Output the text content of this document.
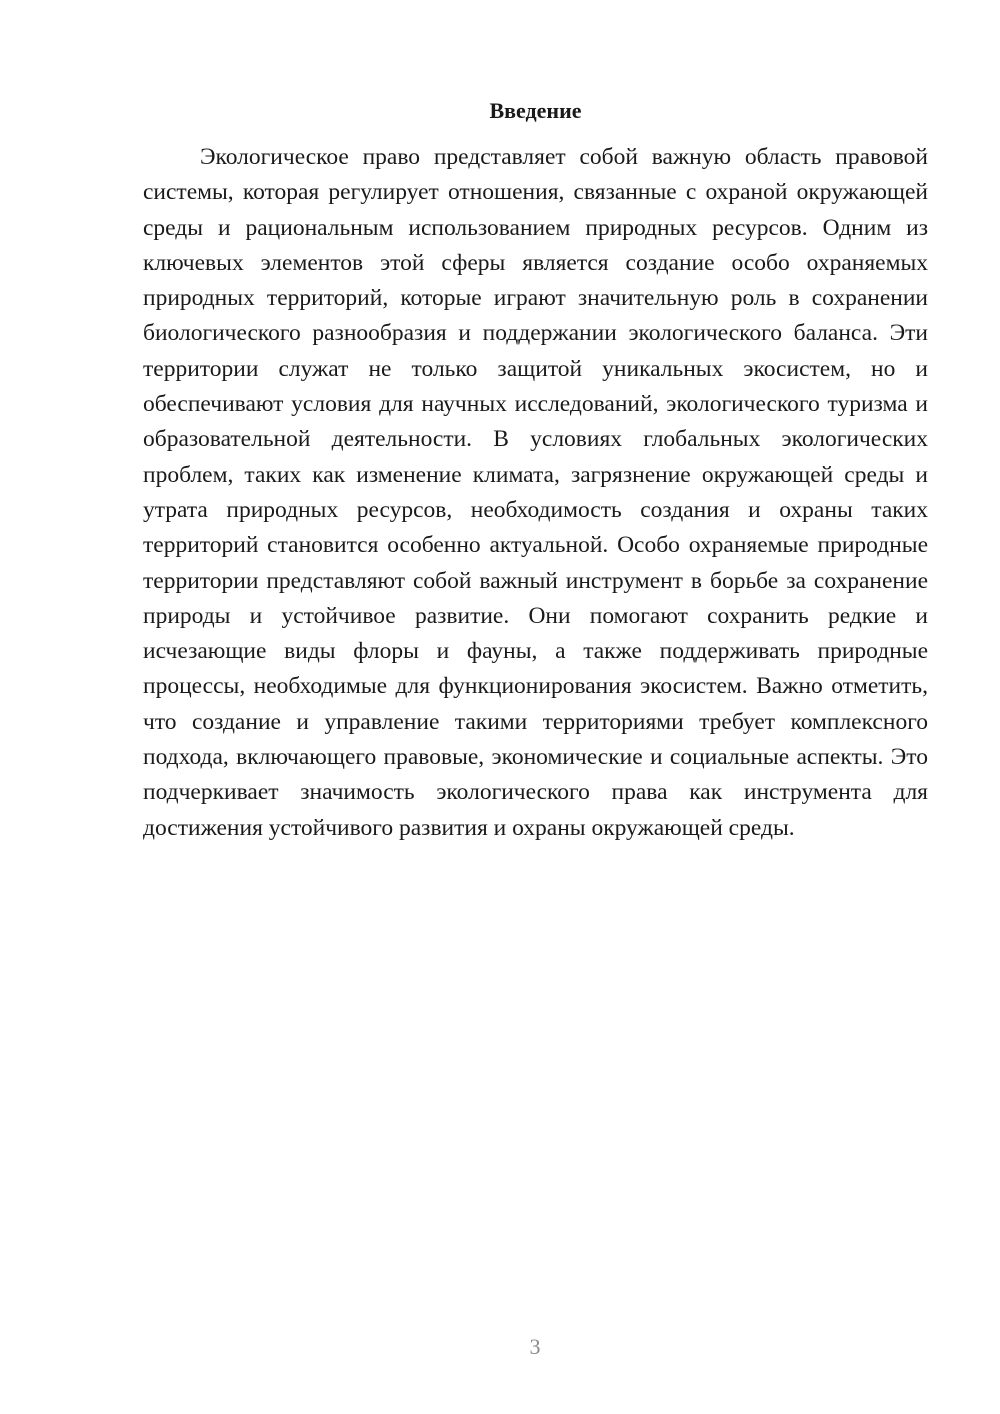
Введение

Экологическое право представляет собой важную область правовой системы, которая регулирует отношения, связанные с охраной окружающей среды и рациональным использованием природных ресурсов. Одним из ключевых элементов этой сферы является создание особо охраняемых природных территорий, которые играют значительную роль в сохранении биологического разнообразия и поддержании экологического баланса. Эти территории служат не только защитой уникальных экосистем, но и обеспечивают условия для научных исследований, экологического туризма и образовательной деятельности. В условиях глобальных экологических проблем, таких как изменение климата, загрязнение окружающей среды и утрата природных ресурсов, необходимость создания и охраны таких территорий становится особенно актуальной. Особо охраняемые природные территории представляют собой важный инструмент в борьбе за сохранение природы и устойчивое развитие. Они помогают сохранить редкие и исчезающие виды флоры и фауны, а также поддерживать природные процессы, необходимые для функционирования экосистем. Важно отметить, что создание и управление такими территориями требует комплексного подхода, включающего правовые, экономические и социальные аспекты. Это подчеркивает значимость экологического права как инструмента для достижения устойчивого развития и охраны окружающей среды.

3
